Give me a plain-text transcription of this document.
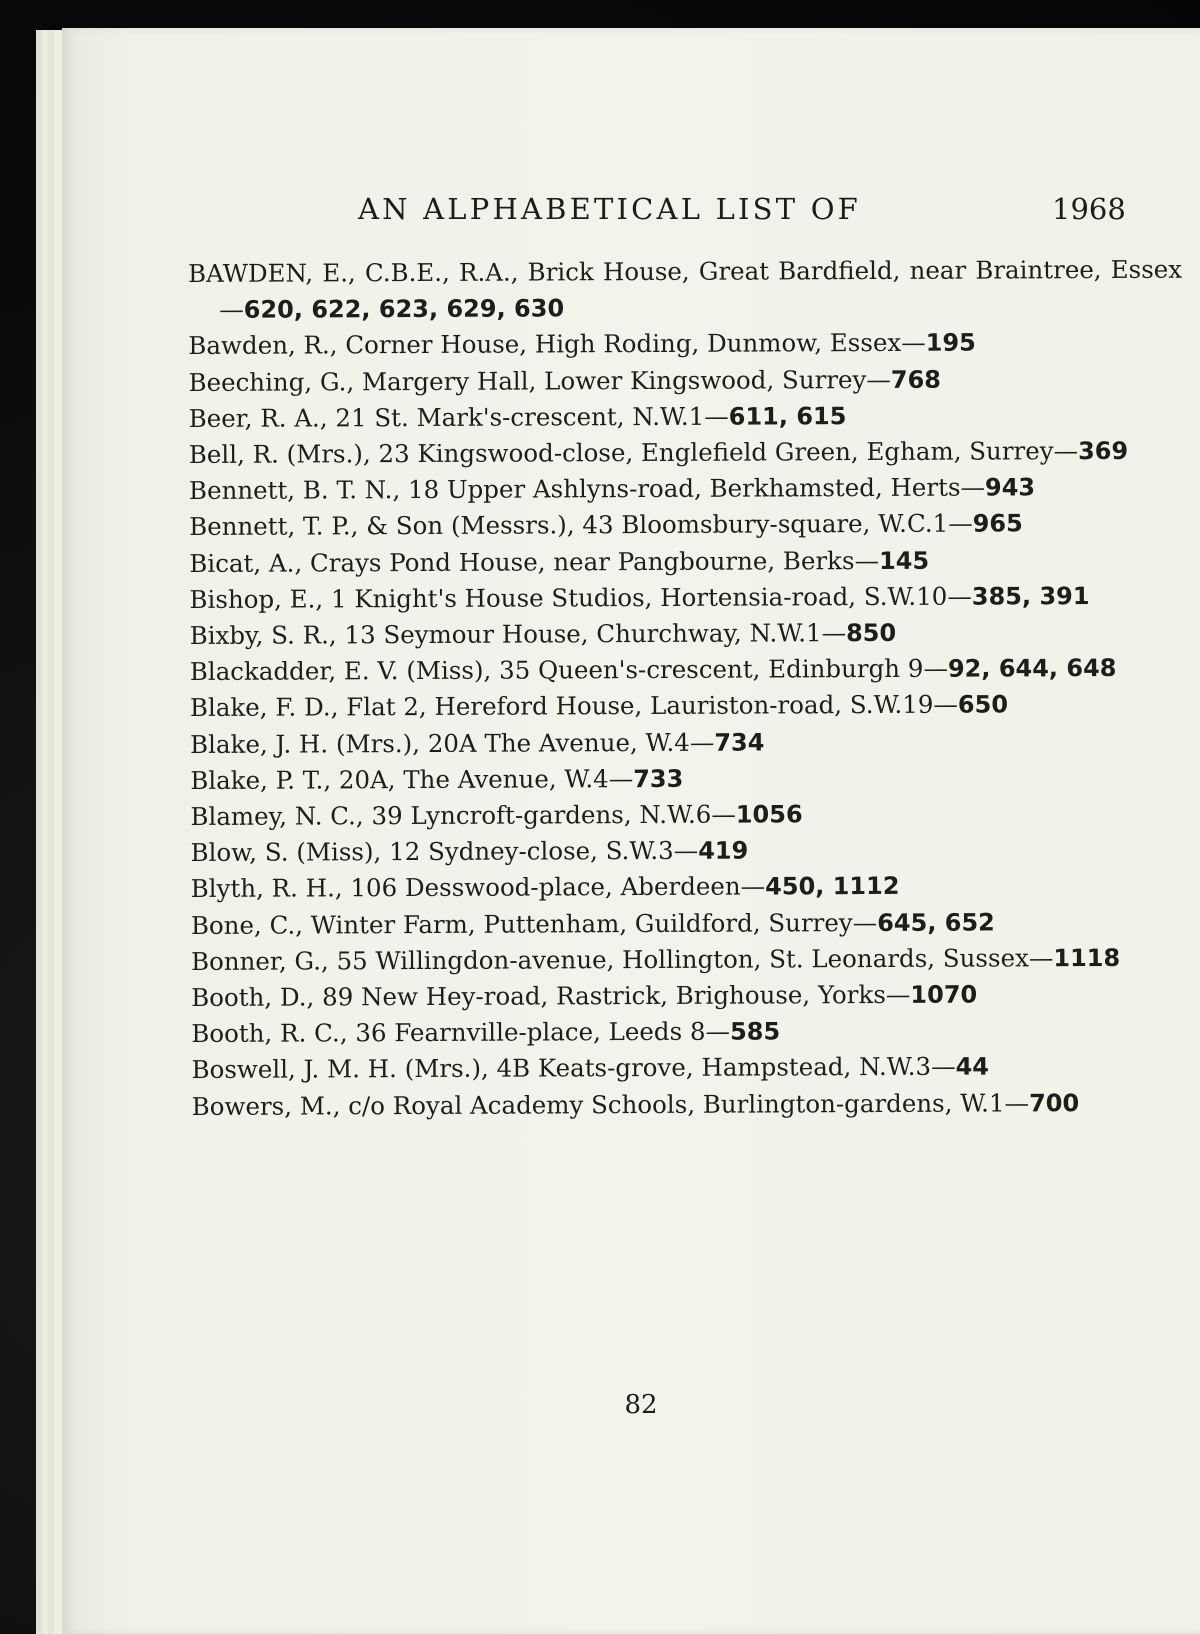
AN ALPHABETICAL LIST OF	1968

BAWDEN, E., C.B.E., R.A., Brick House, Great Bardfield, near Braintree, Essex—620, 622, 623, 629, 630

Bawden, R., Corner House, High Roding, Dunmow, Essex—195

Beeching, G., Margery Hall, Lower Kingswood, Surrey—768

Beer, R. A., 21 St. Mark's-crescent, N.W.1—611, 615

Bell, R. (Mrs.), 23 Kingswood-close, Englefield Green, Egham, Surrey—369

Bennett, B. T. N., 18 Upper Ashlyns-road, Berkhamsted, Herts—943

Bennett, T. P., & Son (Messrs.), 43 Bloomsbury-square, W.C.1—965

Bicat, A., Crays Pond House, near Pangbourne, Berks—145

Bishop, E., 1 Knight's House Studios, Hortensia-road, S.W.10—385, 391

Bixby, S. R., 13 Seymour House, Churchway, N.W.1—850

Blackadder, E. V. (Miss), 35 Queen's-crescent, Edinburgh 9—92, 644, 648

Blake, F. D., Flat 2, Hereford House, Lauriston-road, S.W.19—650

Blake, J. H. (Mrs.), 20A The Avenue, W.4—734

Blake, P. T., 20A, The Avenue, W.4—733

Blamey, N. C., 39 Lyncroft-gardens, N.W.6—1056

Blow, S. (Miss), 12 Sydney-close, S.W.3—419

Blyth, R. H., 106 Desswood-place, Aberdeen—450, 1112

Bone, C., Winter Farm, Puttenham, Guildford, Surrey—645, 652

Bonner, G., 55 Willingdon-avenue, Hollington, St. Leonards, Sussex—1118

Booth, D., 89 New Hey-road, Rastrick, Brighouse, Yorks—1070

Booth, R. C., 36 Fearnville-place, Leeds 8—585

Boswell, J. M. H. (Mrs.), 4B Keats-grove, Hampstead, N.W.3—44

Bowers, M., c/o Royal Academy Schools, Burlington-gardens, W.1—700

82
